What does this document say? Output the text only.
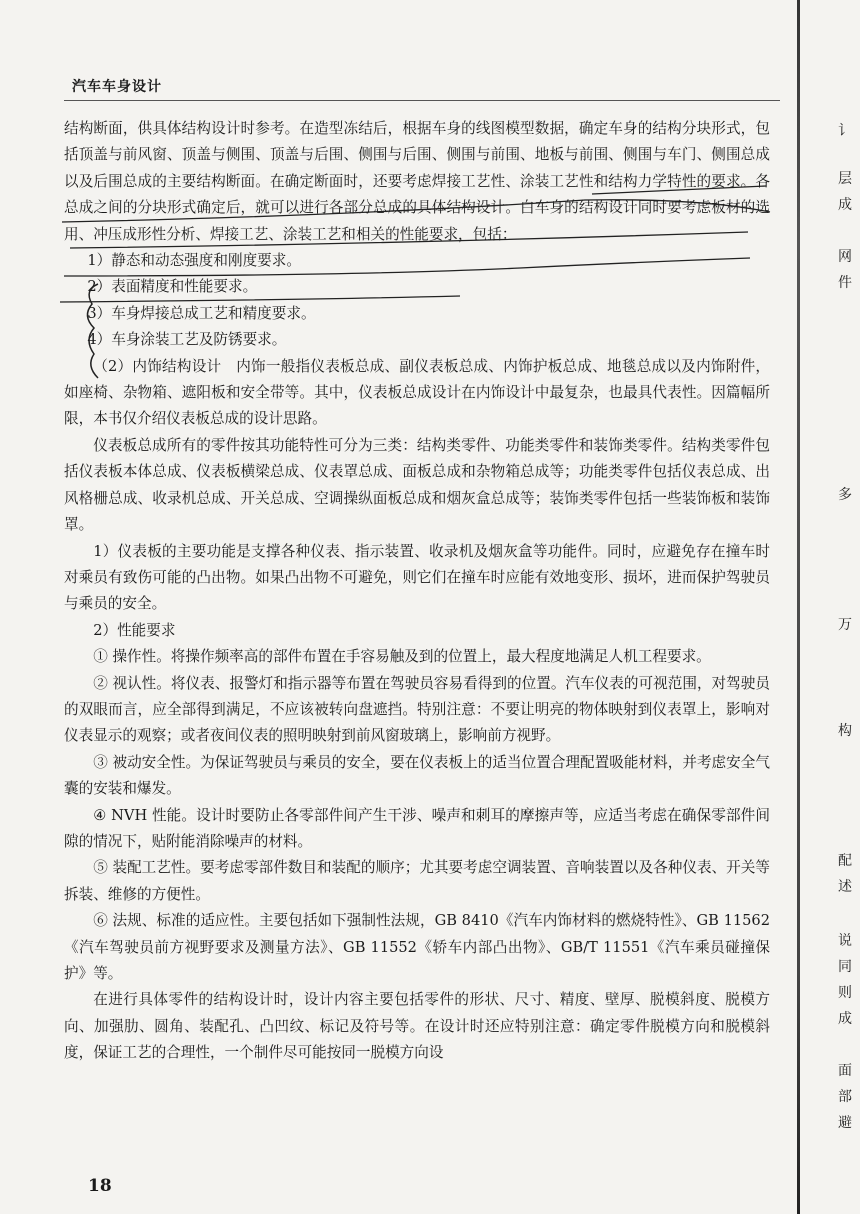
汽车车身设计

结构断面，供具体结构设计时参考。在造型冻结后，根据车身的线图模型数据，确定车身的结构分块形式，包括顶盖与前风窗、顶盖与侧围、顶盖与后围、侧围与后围、侧围与前围、地板与前围、侧围与车门、侧围总成以及后围总成的主要结构断面。在确定断面时，还要考虑焊接工艺性、涂装工艺性和结构力学特性的要求。各总成之间的分块形式确定后，就可以进行各部分总成的具体结构设计。白车身的结构设计同时要考虑板材的选用、冲压成形性分析、焊接工艺、涂装工艺和相关的性能要求，包括：

1）静态和动态强度和刚度要求。

2）表面精度和性能要求。

3）车身焊接总成工艺和精度要求。

4）车身涂装工艺及防锈要求。

（2）内饰结构设计　内饰一般指仪表板总成、副仪表板总成、内饰护板总成、地毯总成以及内饰附件，如座椅、杂物箱、遮阳板和安全带等。其中，仪表板总成设计在内饰设计中最复杂，也最具代表性。因篇幅所限，本书仅介绍仪表板总成的设计思路。

仪表板总成所有的零件按其功能特性可分为三类：结构类零件、功能类零件和装饰类零件。结构类零件包括仪表板本体总成、仪表板横梁总成、仪表罩总成、面板总成和杂物箱总成等；功能类零件包括仪表总成、出风格栅总成、收录机总成、开关总成、空调操纵面板总成和烟灰盒总成等；装饰类零件包括一些装饰板和装饰罩。

1）仪表板的主要功能是支撑各种仪表、指示装置、收录机及烟灰盒等功能件。同时，应避免存在撞车时对乘员有致伤可能的凸出物。如果凸出物不可避免，则它们在撞车时应能有效地变形、损坏，进而保护驾驶员与乘员的安全。

2）性能要求

① 操作性。将操作频率高的部件布置在手容易触及到的位置上，最大程度地满足人机工程要求。

② 视认性。将仪表、报警灯和指示器等布置在驾驶员容易看得到的位置。汽车仪表的可视范围，对驾驶员的双眼而言，应全部得到满足，不应该被转向盘遮挡。特别注意：不要让明亮的物体映射到仪表罩上，影响对仪表显示的观察；或者夜间仪表的照明映射到前风窗玻璃上，影响前方视野。

③ 被动安全性。为保证驾驶员与乘员的安全，要在仪表板上的适当位置合理配置吸能材料，并考虑安全气囊的安装和爆发。

④ NVH 性能。设计时要防止各零部件间产生干涉、噪声和刺耳的摩擦声等，应适当考虑在确保零部件间隙的情况下，贴附能消除噪声的材料。

⑤ 装配工艺性。要考虑零部件数目和装配的顺序；尤其要考虑空调装置、音响装置以及各种仪表、开关等拆装、维修的方便性。

⑥ 法规、标准的适应性。主要包括如下强制性法规，GB 8410《汽车内饰材料的燃烧特性》、GB 11562《汽车驾驶员前方视野要求及测量方法》、GB 11552《轿车内部凸出物》、GB/T 11551《汽车乘员碰撞保护》等。

在进行具体零件的结构设计时，设计内容主要包括零件的形状、尺寸、精度、壁厚、脱模斜度、脱模方向、加强肋、圆角、装配孔、凸凹纹、标记及符号等。在设计时还应特别注意：确定零件脱模方向和脱模斜度，保证工艺的合理性，一个制件尽可能按同一脱模方向设

18
讠
层
成
网
件
多
万
构
配
述
说
同
则
成
面
部
避
